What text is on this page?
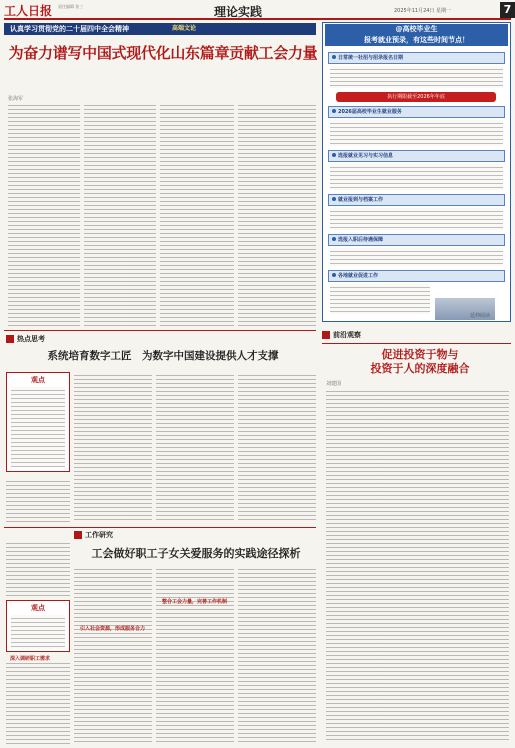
工人日报 责任编辑 张三	理论实践	2025年11月24日 星期一	7
认真学习贯彻党的二十届四中全会精神	高端文论
为奋力谱写中国式现代化山东篇章贡献工会力量
张海军
@高校毕业生
报考就业预录，有这些时间节点！
日常统一社招与招录报名日期
执行期限截至2026年年底
2026届高校毕业生就业服务
选报就业见习与实习信息
就业报到与档案工作
选报入职后待遇保障
各地就业促进工作
延伸阅读
前沿观察
促进投资于物与
投资于人的深度融合
刘建国
热点思考
系统培育数字工匠　为数字中国建设提供人才支撑
观点
观点
工作研究
工会做好职工子女关爱服务的实践途径探析
深入调研职工需求
引入社会资源，形成服务合力
整合工会力量，完善工作机制
